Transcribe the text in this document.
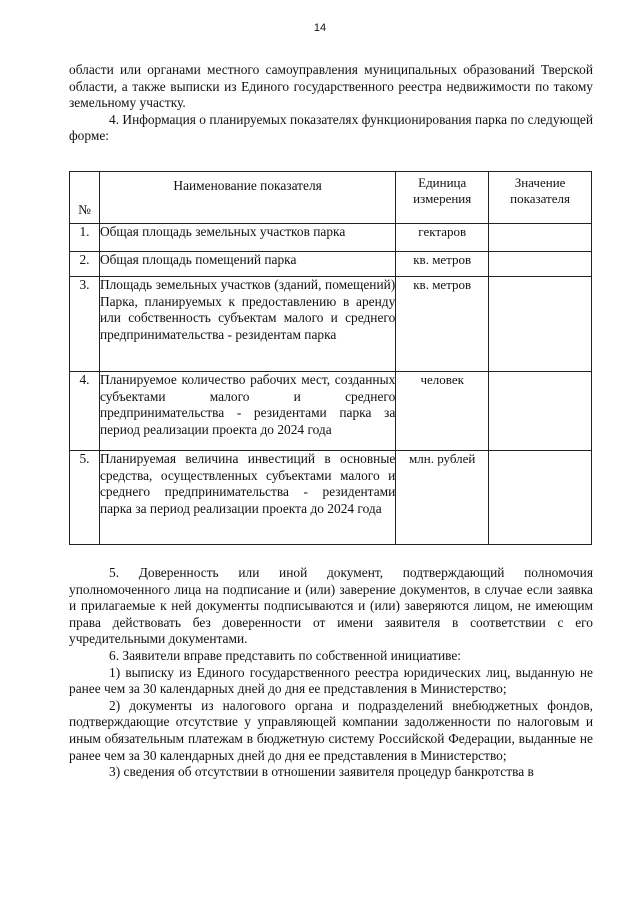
14

области или органами местного самоуправления муниципальных образований Тверской области, а также выписки из Единого государственного реестра недвижимости по такому земельному участку.

4. Информация о планируемых показателях функционирования парка по следующей форме:

№	Наименование показателя	Единица измерения	Значение показателя
1.	Общая площадь земельных участков парка	гектаров	
2.	Общая площадь помещений парка	кв. метров	
3.	Площадь земельных участков (зданий, помещений) Парка, планируемых к предоставлению в аренду или собственность субъектам малого и среднего предпринимательства - резидентам парка	кв. метров	
4.	Планируемое количество рабочих мест, созданных субъектами малого и среднего предпринимательства - резидентами парка за период реализации проекта до 2024 года	человек	
5.	Планируемая величина инвестиций в основные средства, осуществленных субъектами малого и среднего предпринимательства - резидентами парка за период реализации проекта до 2024 года	млн. рублей	

5. Доверенность или иной документ, подтверждающий полномочия уполномоченного лица на подписание и (или) заверение документов, в случае если заявка и прилагаемые к ней документы подписываются и (или) заверяются лицом, не имеющим права действовать без доверенности от имени заявителя в соответствии с его учредительными документами.

6. Заявители вправе представить по собственной инициативе:

1) выписку из Единого государственного реестра юридических лиц, выданную не ранее чем за 30 календарных дней до дня ее представления в Министерство;

2) документы из налогового органа и подразделений внебюджетных фондов, подтверждающие отсутствие у управляющей компании задолженности по налоговым и иным обязательным платежам в бюджетную систему Российской Федерации, выданные не ранее чем за 30 календарных дней до дня ее представления в Министерство;

3) сведения об отсутствии в отношении заявителя процедур банкротства в
